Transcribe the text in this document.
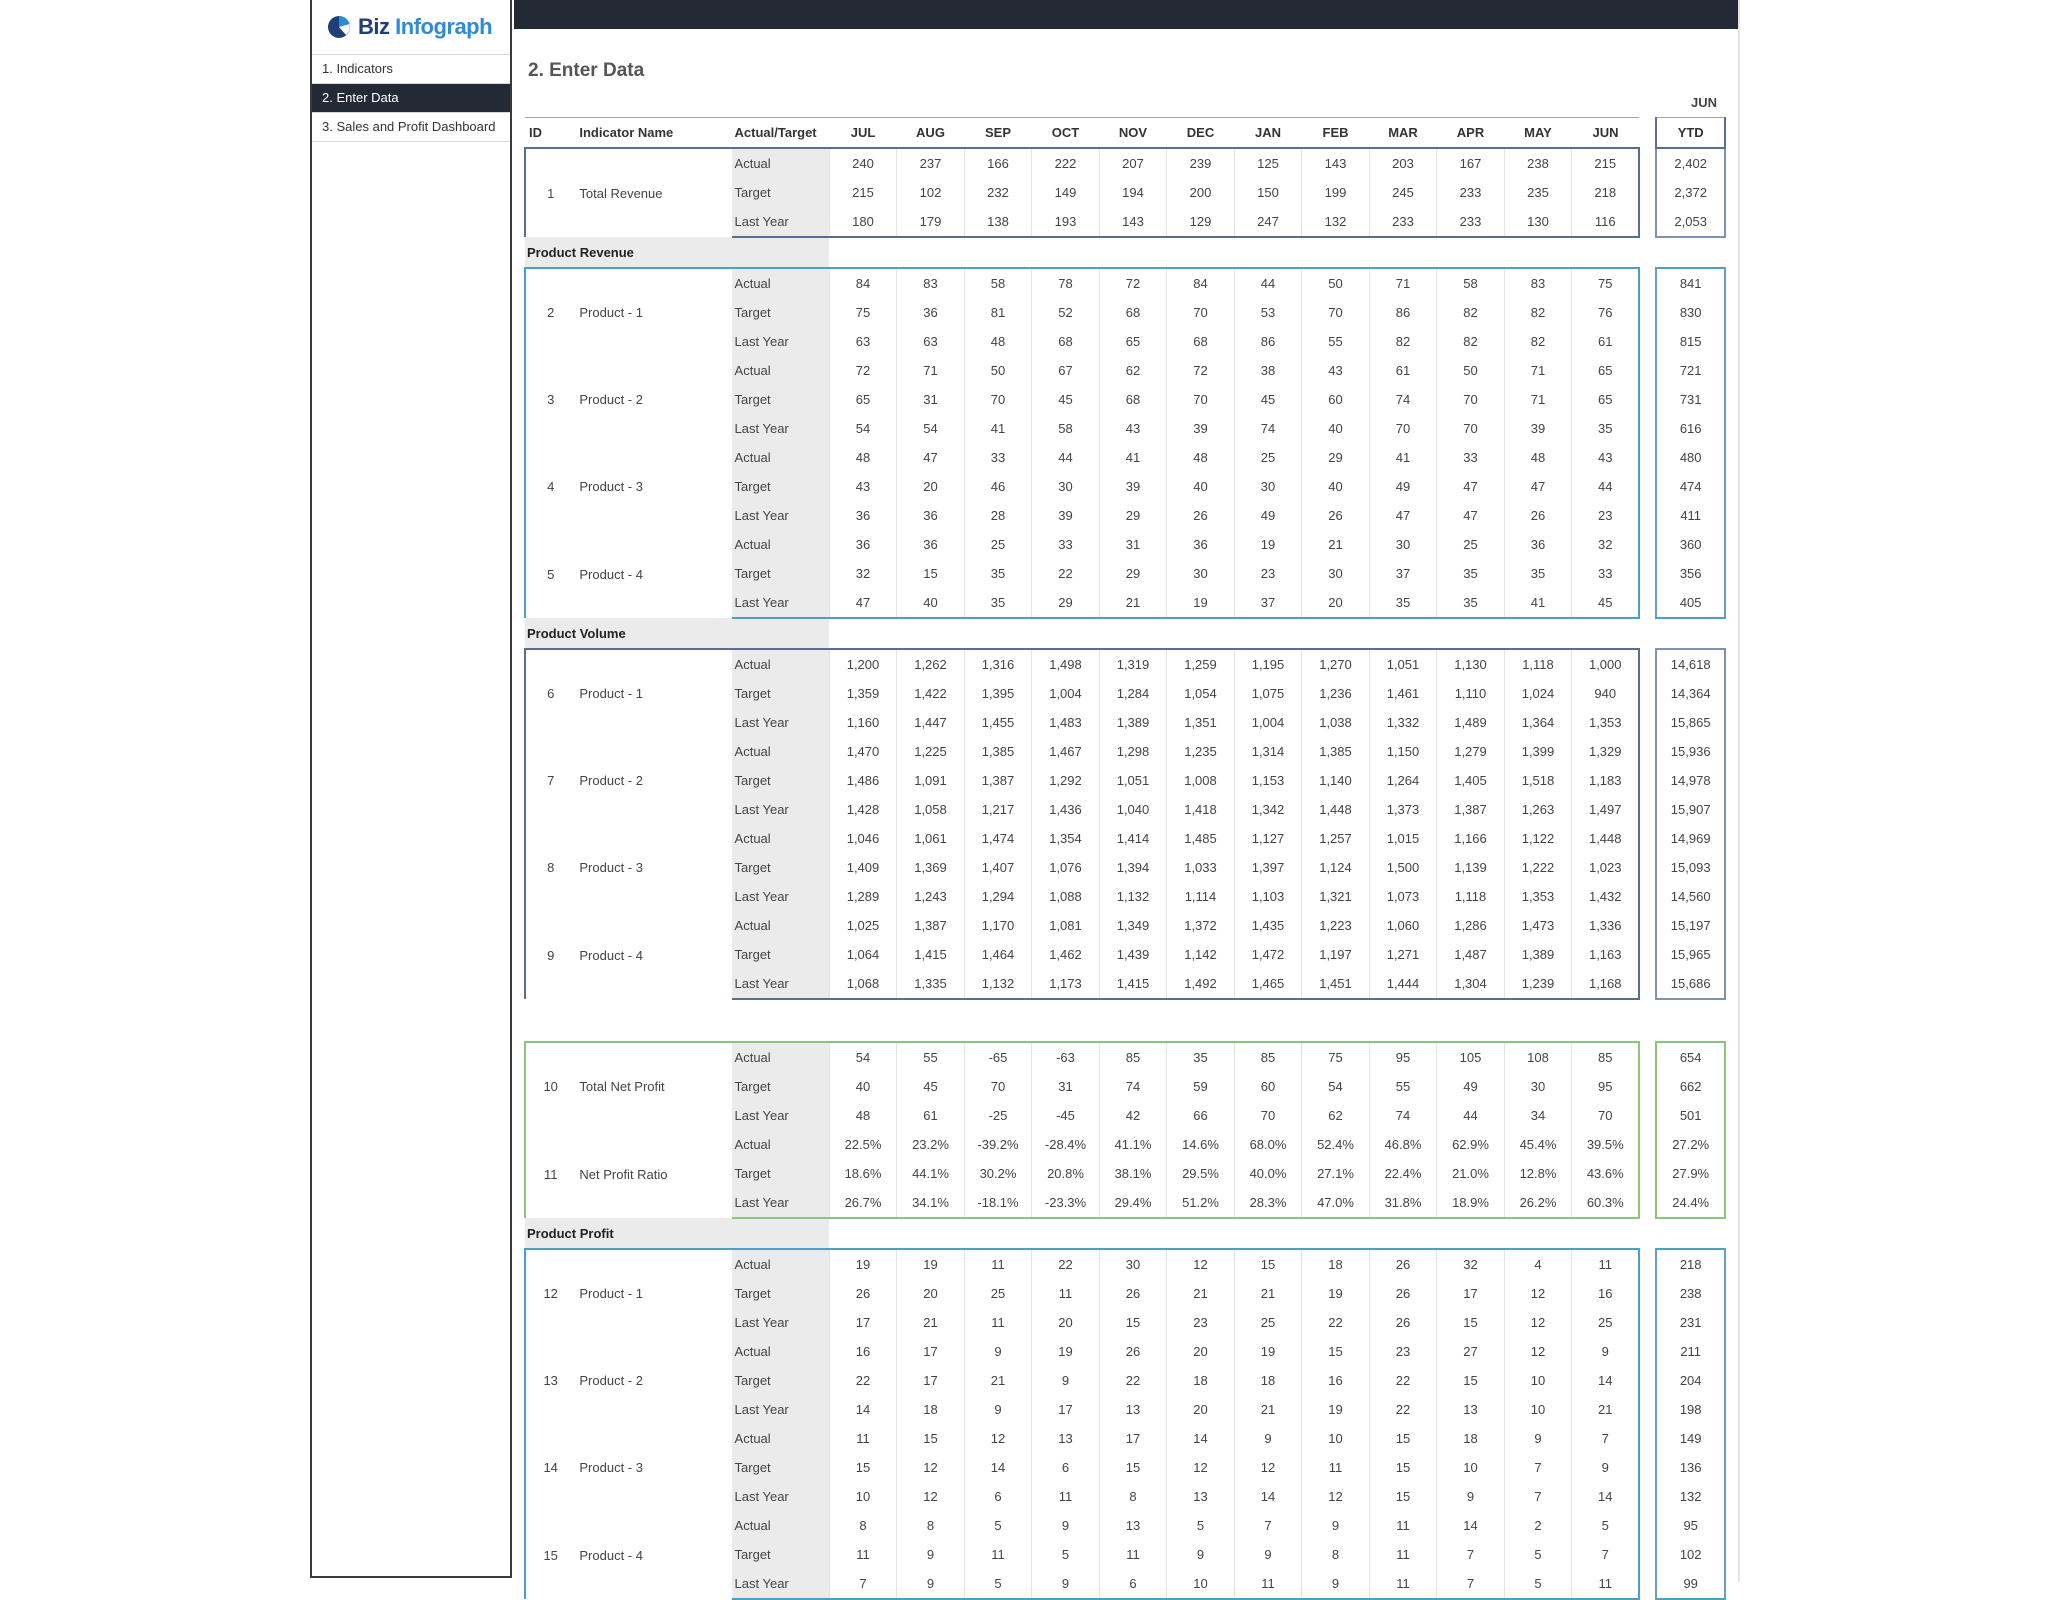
Biz Infograph
1. Indicators
2. Enter Data
3. Sales and Profit Dashboard
2. Enter Data
JUN
ID	Indicator Name	Actual/Target	JUL	AUG	SEP	OCT	NOV	DEC	JAN	FEB	MAR	APR	MAY	JUN		YTD
1	Total Revenue	Actual	240	237	166	222	207	239	125	143	203	167	238	215		2,402
		Target	215	102	232	149	194	200	150	199	245	233	235	218		2,372
		Last Year	180	179	138	193	143	129	247	132	233	233	130	116		2,053
Product Revenue																
2	Product - 1	Actual	84	83	58	78	72	84	44	50	71	58	83	75		841
		Target	75	36	81	52	68	70	53	70	86	82	82	76		830
		Last Year	63	63	48	68	65	68	86	55	82	82	82	61		815
3	Product - 2	Actual	72	71	50	67	62	72	38	43	61	50	71	65		721
		Target	65	31	70	45	68	70	45	60	74	70	71	65		731
		Last Year	54	54	41	58	43	39	74	40	70	70	39	35		616
4	Product - 3	Actual	48	47	33	44	41	48	25	29	41	33	48	43		480
		Target	43	20	46	30	39	40	30	40	49	47	47	44		474
		Last Year	36	36	28	39	29	26	49	26	47	47	26	23		411
5	Product - 4	Actual	36	36	25	33	31	36	19	21	30	25	36	32		360
		Target	32	15	35	22	29	30	23	30	37	35	35	33		356
		Last Year	47	40	35	29	21	19	37	20	35	35	41	45		405
Product Volume																
6	Product - 1	Actual	1,200	1,262	1,316	1,498	1,319	1,259	1,195	1,270	1,051	1,130	1,118	1,000		14,618
		Target	1,359	1,422	1,395	1,004	1,284	1,054	1,075	1,236	1,461	1,110	1,024	940		14,364
		Last Year	1,160	1,447	1,455	1,483	1,389	1,351	1,004	1,038	1,332	1,489	1,364	1,353		15,865
7	Product - 2	Actual	1,470	1,225	1,385	1,467	1,298	1,235	1,314	1,385	1,150	1,279	1,399	1,329		15,936
		Target	1,486	1,091	1,387	1,292	1,051	1,008	1,153	1,140	1,264	1,405	1,518	1,183		14,978
		Last Year	1,428	1,058	1,217	1,436	1,040	1,418	1,342	1,448	1,373	1,387	1,263	1,497		15,907
8	Product - 3	Actual	1,046	1,061	1,474	1,354	1,414	1,485	1,127	1,257	1,015	1,166	1,122	1,448		14,969
		Target	1,409	1,369	1,407	1,076	1,394	1,033	1,397	1,124	1,500	1,139	1,222	1,023		15,093
		Last Year	1,289	1,243	1,294	1,088	1,132	1,114	1,103	1,321	1,073	1,118	1,353	1,432		14,560
9	Product - 4	Actual	1,025	1,387	1,170	1,081	1,349	1,372	1,435	1,223	1,060	1,286	1,473	1,336		15,197
		Target	1,064	1,415	1,464	1,462	1,439	1,142	1,472	1,197	1,271	1,487	1,389	1,163		15,965
		Last Year	1,068	1,335	1,132	1,173	1,415	1,492	1,465	1,451	1,444	1,304	1,239	1,168		15,686

10	Total Net Profit	Actual	54	55	-65	-63	85	35	85	75	95	105	108	85		654
		Target	40	45	70	31	74	59	60	54	55	49	30	95		662
		Last Year	48	61	-25	-45	42	66	70	62	74	44	34	70		501
11	Net Profit Ratio	Actual	22.5%	23.2%	-39.2%	-28.4%	41.1%	14.6%	68.0%	52.4%	46.8%	62.9%	45.4%	39.5%		27.2%
		Target	18.6%	44.1%	30.2%	20.8%	38.1%	29.5%	40.0%	27.1%	22.4%	21.0%	12.8%	43.6%		27.9%
		Last Year	26.7%	34.1%	-18.1%	-23.3%	29.4%	51.2%	28.3%	47.0%	31.8%	18.9%	26.2%	60.3%		24.4%
Product Profit																
12	Product - 1	Actual	19	19	11	22	30	12	15	18	26	32	4	11		218
		Target	26	20	25	11	26	21	21	19	26	17	12	16		238
		Last Year	17	21	11	20	15	23	25	22	26	15	12	25		231
13	Product - 2	Actual	16	17	9	19	26	20	19	15	23	27	12	9		211
		Target	22	17	21	9	22	18	18	16	22	15	10	14		204
		Last Year	14	18	9	17	13	20	21	19	22	13	10	21		198
14	Product - 3	Actual	11	15	12	13	17	14	9	10	15	18	9	7		149
		Target	15	12	14	6	15	12	12	11	15	10	7	9		136
		Last Year	10	12	6	11	8	13	14	12	15	9	7	14		132
15	Product - 4	Actual	8	8	5	9	13	5	7	9	11	14	2	5		95
		Target	11	9	11	5	11	9	9	8	11	7	5	7		102
		Last Year	7	9	5	9	6	10	11	9	11	7	5	11		99
